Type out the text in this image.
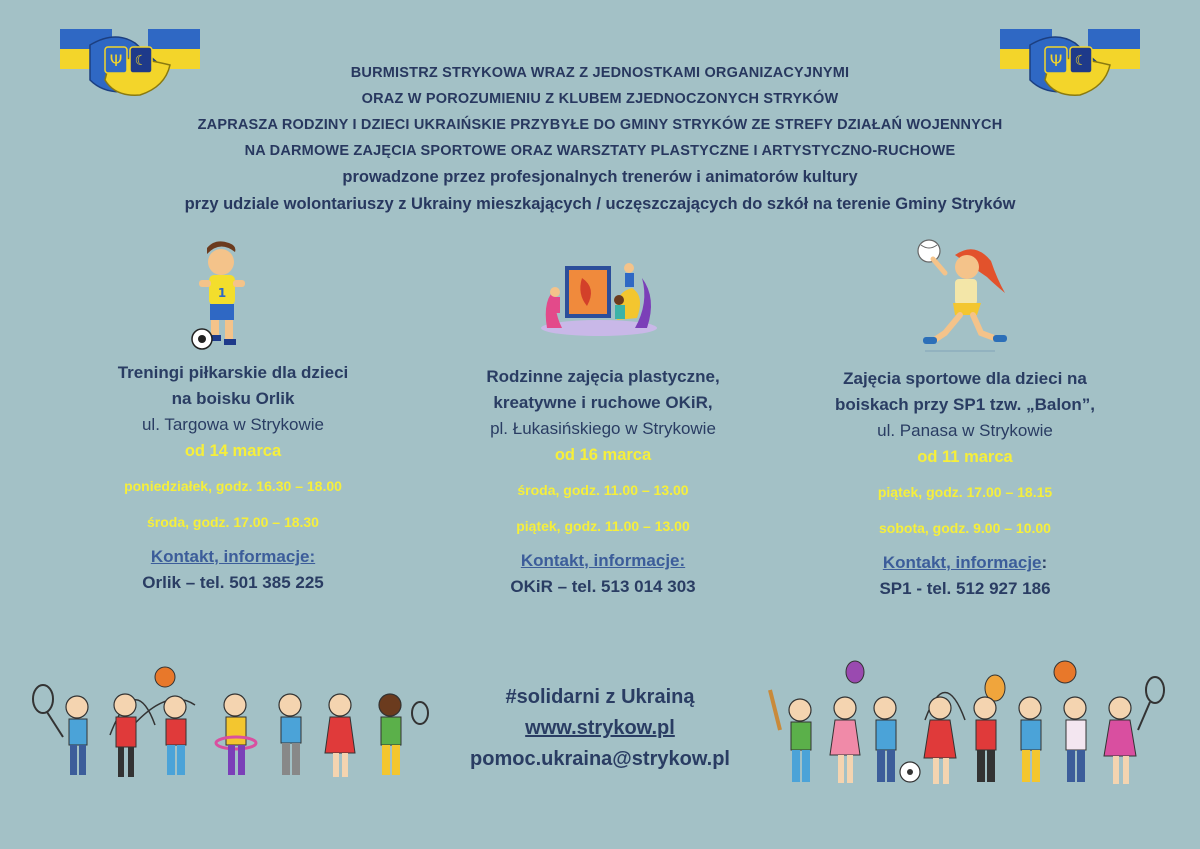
Ψ ☾	Ψ ☾
BURMISTRZ STRYKOWA WRAZ Z JEDNOSTKAMI ORGANIZACYJNYMI
ORAZ W POROZUMIENIU Z KLUBEM ZJEDNOCZONYCH STRYKÓW
ZAPRASZA RODZINY I DZIECI UKRAIŃSKIE PRZYBYŁE DO GMINY STRYKÓW ZE STREFY DZIAŁAŃ WOJENNYCH
NA DARMOWE ZAJĘCIA SPORTOWE ORAZ WARSZTATY PLASTYCZNE I ARTYSTYCZNO-RUCHOWE
prowadzone przez profesjonalnych trenerów i animatorów kultury
przy udziale wolontariuszy z Ukrainy mieszkających / uczęszczających do szkół na terenie Gminy Stryków
1
Treningi piłkarskie dla dzieci
na boisku Orlik
ul. Targowa w Strykowie
od 14 marca
poniedziałek, godz. 16.30 – 18.00
środa, godz. 17.00 – 18.30
Kontakt, informacje:
Orlik – tel. 501 385 225
Rodzinne zajęcia plastyczne,
kreatywne i ruchowe OKiR,
pl. Łukasińskiego w Strykowie
od 16 marca
środa, godz. 11.00 – 13.00
piątek, godz. 11.00 – 13.00
Kontakt, informacje:
OKiR – tel. 513 014 303
Zajęcia sportowe dla dzieci na
boiskach przy SP1 tzw. „Balon”,
ul. Panasa w Strykowie
od 11 marca
piątek, godz. 17.00 – 18.15
sobota, godz. 9.00 – 10.00
Kontakt, informacje:
SP1 - tel. 512 927 186
#solidarni z Ukrainą
www.strykow.pl
pomoc.ukraina@strykow.pl
